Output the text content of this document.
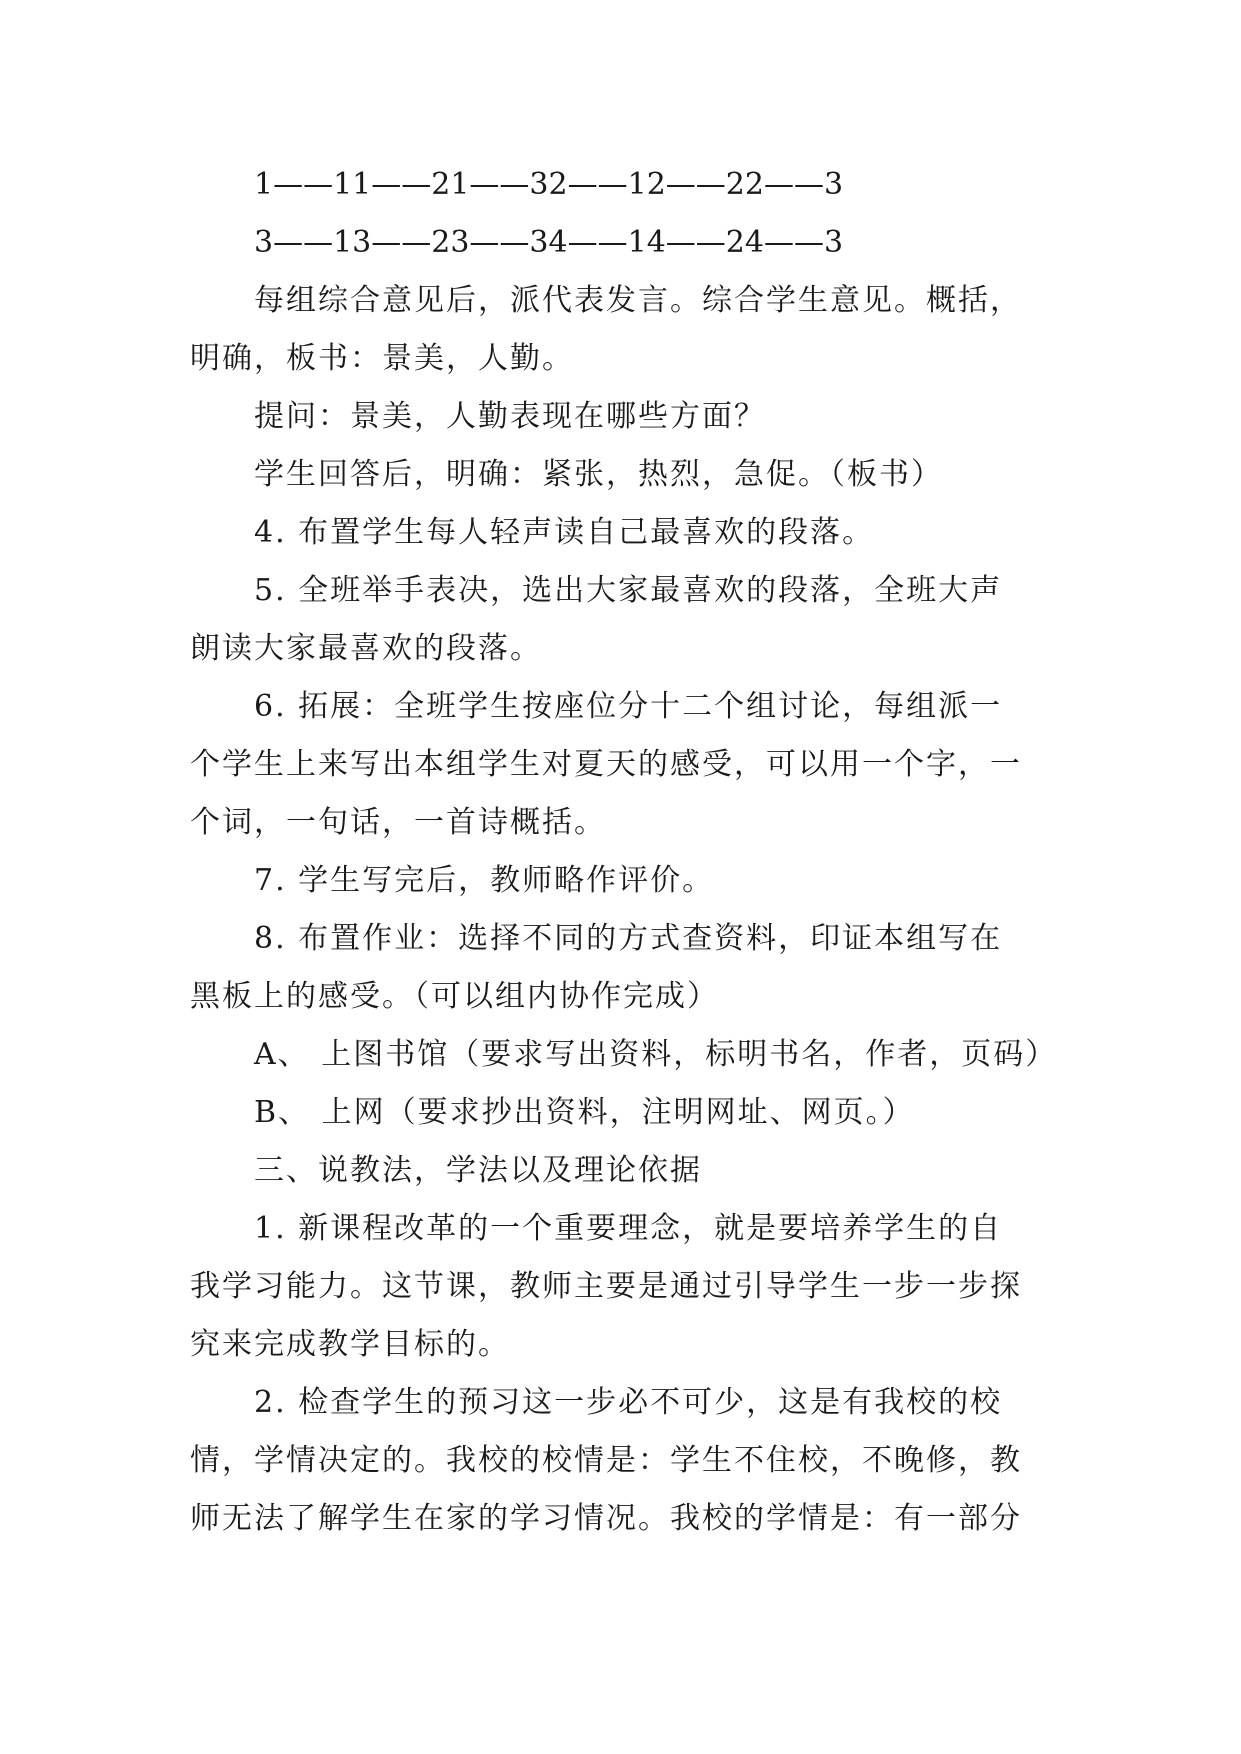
1——11——21——32——12——22——3
3——13——23——34——14——24——3
每组综合意见后，派代表发言。综合学生意见。概括，
明确，板书：景美，人勤。
提问：景美，人勤表现在哪些方面？
学生回答后，明确：紧张，热烈，急促。（板书）
4. 布置学生每人轻声读自己最喜欢的段落。
5. 全班举手表决，选出大家最喜欢的段落，全班大声
朗读大家最喜欢的段落。
6. 拓展：全班学生按座位分十二个组讨论，每组派一
个学生上来写出本组学生对夏天的感受，可以用一个字，一
个词，一句话，一首诗概括。
7. 学生写完后，教师略作评价。
8. 布置作业：选择不同的方式查资料，印证本组写在
黑板上的感受。（可以组内协作完成）
A、 上图书馆（要求写出资料，标明书名，作者，页码）
B、 上网（要求抄出资料，注明网址、网页。）
三、说教法，学法以及理论依据
1. 新课程改革的一个重要理念，就是要培养学生的自
我学习能力。这节课，教师主要是通过引导学生一步一步探
究来完成教学目标的。
2. 检查学生的预习这一步必不可少，这是有我校的校
情，学情决定的。我校的校情是：学生不住校，不晚修，教
师无法了解学生在家的学习情况。我校的学情是：有一部分
